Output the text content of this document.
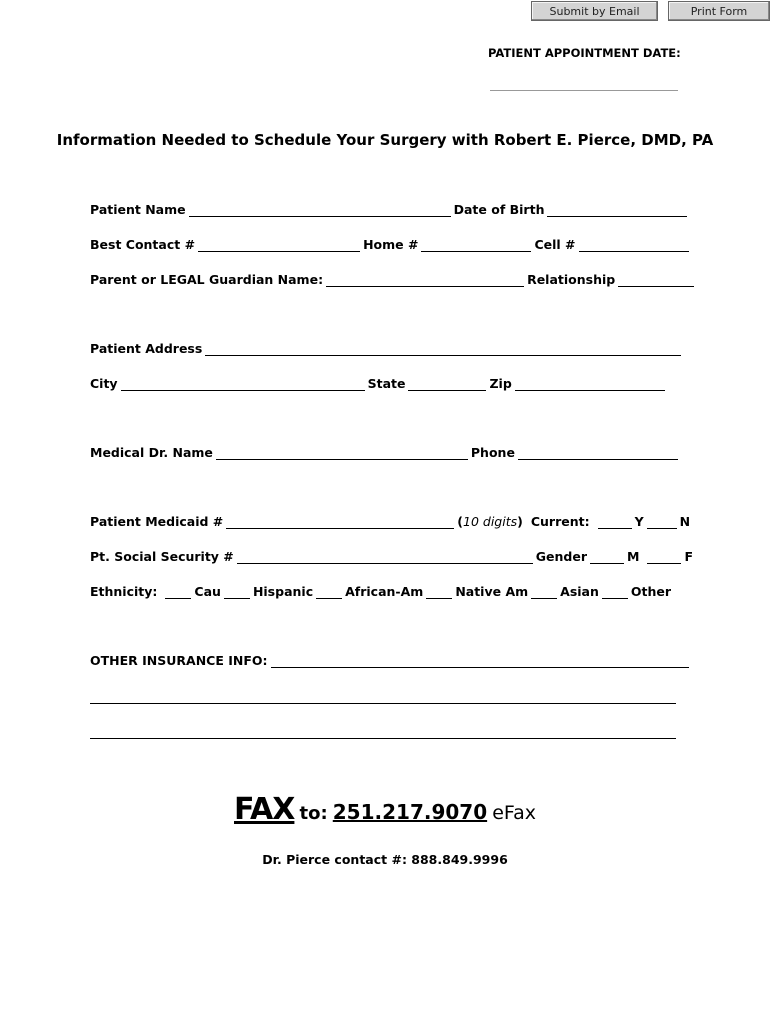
Submit by Email	Print Form
PATIENT APPOINTMENT DATE:
Information Needed to Schedule Your Surgery with Robert E. Pierce, DMD, PA
Patient Name	Date of Birth
Best Contact #	Home #	Cell #
Parent or LEGAL Guardian Name:	Relationship
Patient Address
City	State	Zip
Medical Dr. Name	Phone
Patient Medicaid #	( 10 digits ) Current:	Y	N
Pt. Social Security #	Gender	M	F
Ethnicity:	Cau	Hispanic	African-Am	Native Am	Asian	Other
OTHER INSURANCE INFO:
FAX to: 251.217.9070 eFax
Dr. Pierce contact #: 888.849.9996
